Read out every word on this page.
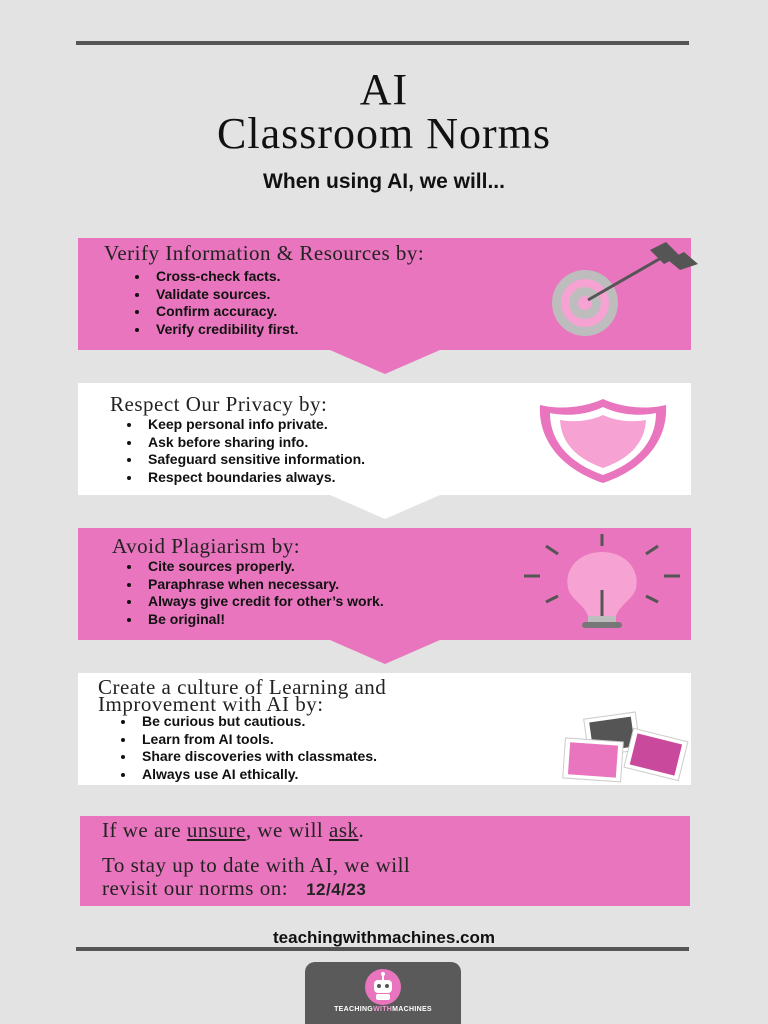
AI
Classroom Norms
When using AI, we will...
Verify Information & Resources by:
• Cross-check facts.
• Validate sources.
• Confirm accuracy.
• Verify credibility first.
Respect Our Privacy by:
• Keep personal info private.
• Ask before sharing info.
• Safeguard sensitive information.
• Respect boundaries always.
Avoid Plagiarism by:
• Cite sources properly.
• Paraphrase when necessary.
• Always give credit for other’s work.
• Be original!
Create a culture of Learning and
Improvement with AI by:
• Be curious but cautious.
• Learn from AI tools.
• Share discoveries with classmates.
• Always use AI ethically.
If we are unsure, we will ask.
To stay up to date with AI, we will
revisit our norms on: 12/4/23
teachingwithmachines.com
TEACHINGWITHMACHINES
